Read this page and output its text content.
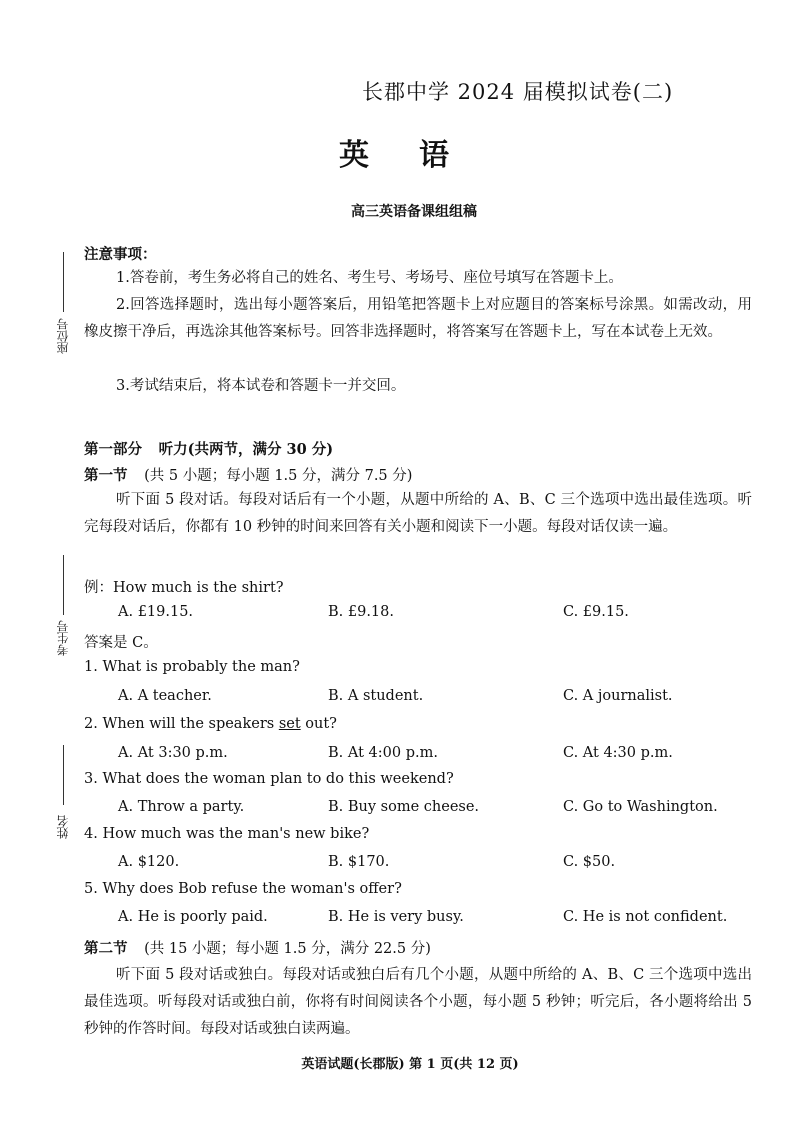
长郡中学 2024 届模拟试卷(二)
英语
高三英语备课组组稿
座位号
考生号
姓名
注意事项：
1.答卷前，考生务必将自己的姓名、考生号、考场号、座位号填写在答题卡上。
2.回答选择题时，选出每小题答案后，用铅笔把答题卡上对应题目的答案标号涂黑。如需改动，用橡皮擦干净后，再选涂其他答案标号。回答非选择题时，将答案写在答题卡上，写在本试卷上无效。
3.考试结束后，将本试卷和答题卡一并交回。
第一部分 听力(共两节，满分 30 分)
第一节 (共 5 小题；每小题 1.5 分，满分 7.5 分)
听下面 5 段对话。每段对话后有一个小题，从题中所给的 A、B、C 三个选项中选出最佳选项。听完每段对话后，你都有 10 秒钟的时间来回答有关小题和阅读下一小题。每段对话仅读一遍。
例：How much is the shirt?
A. £19.15.	B. £9.18.	C. £9.15.
答案是 C。
1. What is probably the man?
A. A teacher.	B. A student.	C. A journalist.
2. When will the speakers set out?
A. At 3:30 p.m.	B. At 4:00 p.m.	C. At 4:30 p.m.
3. What does the woman plan to do this weekend?
A. Throw a party.	B. Buy some cheese.	C. Go to Washington.
4. How much was the man's new bike?
A. $120.	B. $170.	C. $50.
5. Why does Bob refuse the woman's offer?
A. He is poorly paid.	B. He is very busy.	C. He is not confident.
第二节 (共 15 小题；每小题 1.5 分，满分 22.5 分)
听下面 5 段对话或独白。每段对话或独白后有几个小题，从题中所给的 A、B、C 三个选项中选出最佳选项。听每段对话或独白前，你将有时间阅读各个小题，每小题 5 秒钟；听完后，各小题将给出 5 秒钟的作答时间。每段对话或独白读两遍。
英语试题(长郡版) 第 1 页(共 12 页)
